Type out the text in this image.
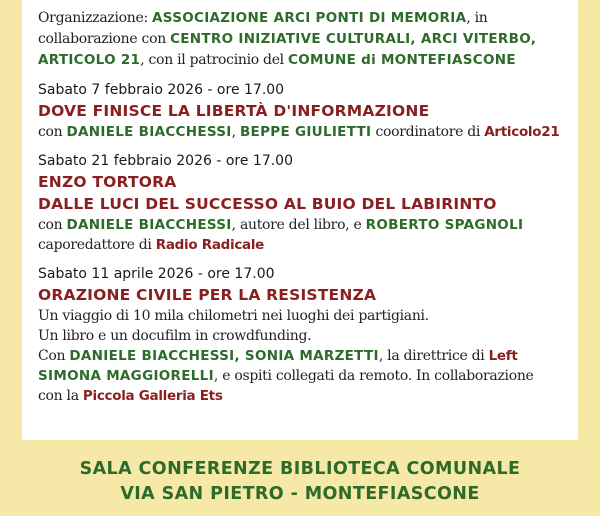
Organizzazione: ASSOCIAZIONE ARCI PONTI DI MEMORIA, in collaborazione con CENTRO INIZIATIVE CULTURALI, ARCI VITERBO, ARTICOLO 21, con il patrocinio del COMUNE di MONTEFIASCONE
Sabato 7 febbraio 2026 - ore 17.00
DOVE FINISCE LA LIBERTÀ D'INFORMAZIONE
con DANIELE BIACCHESSI, BEPPE GIULIETTI coordinatore di Articolo21
Sabato 21 febbraio 2026 - ore 17.00
ENZO TORTORA
DALLE LUCI DEL SUCCESSO AL BUIO DEL LABIRINTO
con DANIELE BIACCHESSI, autore del libro, e ROBERTO SPAGNOLI
caporedattore di Radio Radicale
Sabato 11 aprile 2026 - ore 17.00
ORAZIONE CIVILE PER LA RESISTENZA
Un viaggio di 10 mila chilometri nei luoghi dei partigiani.
Un libro e un docufilm in crowdfunding.
Con DANIELE BIACCHESSI, SONIA MARZETTI, la direttrice di Left
SIMONA MAGGIORELLI, e ospiti collegati da remoto. In collaborazione
con la Piccola Galleria Ets
SALA CONFERENZE BIBLIOTECA COMUNALE
VIA SAN PIETRO - MONTEFIASCONE
